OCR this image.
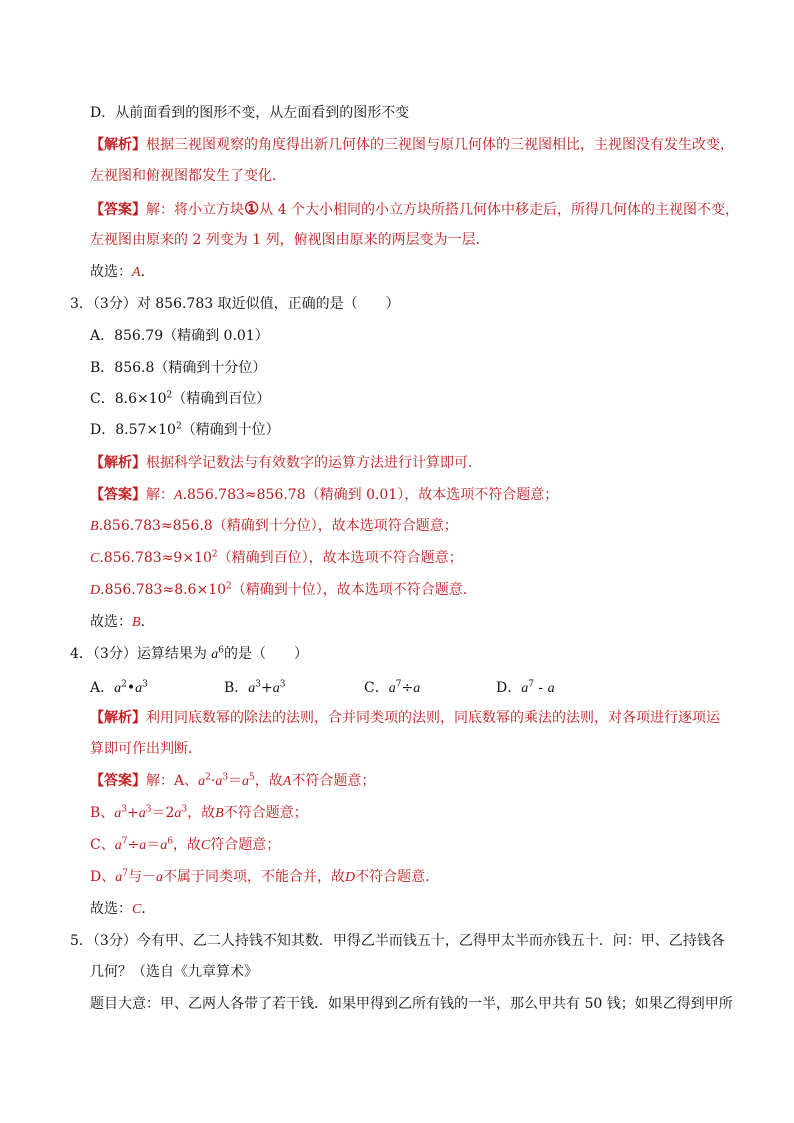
D．从前面看到的图形不变，从左面看到的图形不变
【解析】根据三视图观察的角度得出新几何体的三视图与原几何体的三视图相比，主视图没有发生改变，
左视图和俯视图都发生了变化．
【答案】解：将小立方块①从 4 个大小相同的小立方块所搭几何体中移走后，所得几何体的主视图不变，
左视图由原来的 2 列变为 1 列，俯视图由原来的两层变为一层．
故选：A．
3．（3分）对 856.783 取近似值，正确的是（　　）
A．856.79（精确到 0.01）
B．856.8（精确到十分位）
C．$8.6\times 10^2$（精确到百位）
D．$8.57\times 10^2$（精确到十位）
【解析】根据科学记数法与有效数字的运算方法进行计算即可．
【答案】解：A.856.783≈856.78（精确到 0.01），故本选项不符合题意；
B.856.783≈856.8（精确到十分位），故本选项符合题意；
$C.856.783\approx 9\times 10^2$（精确到百位），故本选项不符合题意；
$D.856.783\approx 8.6\times 10^2$（精确到十位），故本选项不符合题意．
故选：B．
4．（3分）运算结果为 $a^6$的是（　　）
A．$a^2•a^3$	B．$a^3+a^3$	C．$a^7\div a$	D．$a^7$ - a
【解析】利用同底数幂的除法的法则，合并同类项的法则，同底数幂的乘法的法则，对各项进行逐项运
算即可作出判断．
【答案】解：A、$a^2\cdot a^3=a^5$，故A不符合题意；
B、$a^3+a^3=2a^3$，故B不符合题意；
C、$a^7\div a=a^6$，故C符合题意；
D、$a^7$与－a不属于同类项，不能合并，故D不符合题意．
故选：C．
5．（3分）今有甲、乙二人持钱不知其数．甲得乙半而钱五十，乙得甲太半而亦钱五十．问：甲、乙持钱各
几何？（选自《九章算术》
题目大意：甲、乙两人各带了若干钱．如果甲得到乙所有钱的一半，那么甲共有 50 钱；如果乙得到甲所
